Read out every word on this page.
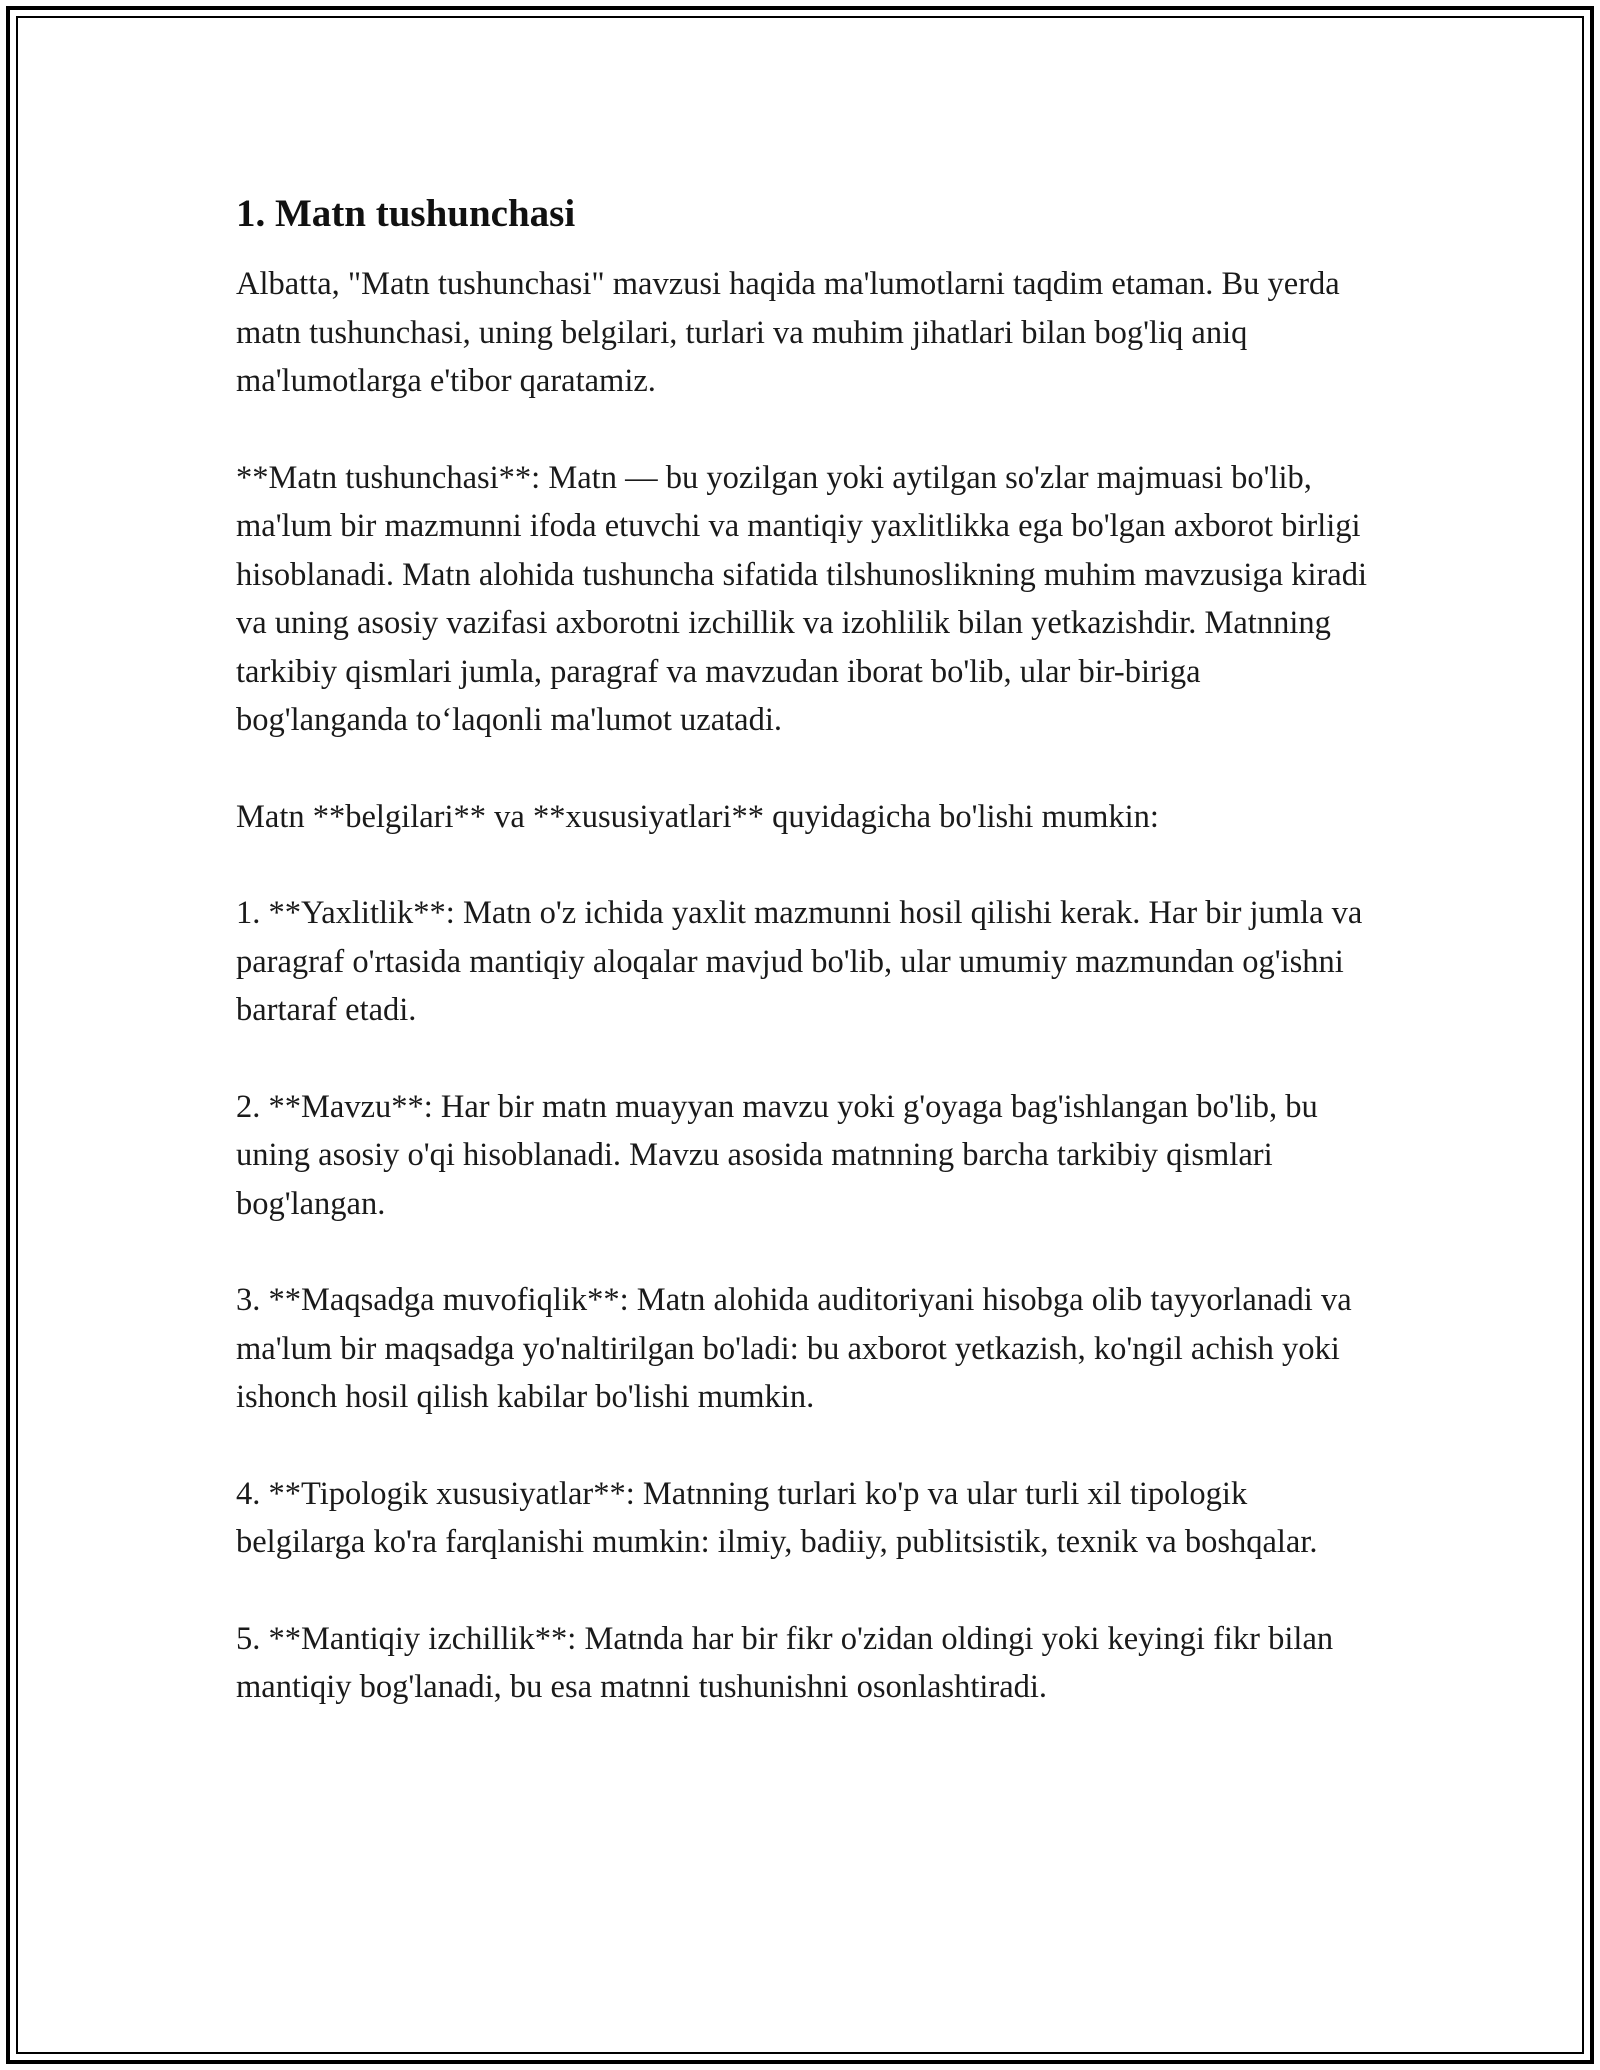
1. Matn tushunchasi

Albatta, "Matn tushunchasi" mavzusi haqida ma'lumotlarni taqdim etaman. Bu yerda matn tushunchasi, uning belgilari, turlari va muhim jihatlari bilan bog'liq aniq ma'lumotlarga e'tibor qaratamiz.

**Matn tushunchasi**: Matn — bu yozilgan yoki aytilgan so'zlar majmuasi bo'lib, ma'lum bir mazmunni ifoda etuvchi va mantiqiy yaxlitlikka ega bo'lgan axborot birligi hisoblanadi. Matn alohida tushuncha sifatida tilshunoslikning muhim mavzusiga kiradi va uning asosiy vazifasi axborotni izchillik va izohlilik bilan yetkazishdir. Matnning tarkibiy qismlari jumla, paragraf va mavzudan iborat bo'lib, ular bir-biriga bog'langanda to‘laqonli ma'lumot uzatadi.

Matn **belgilari** va **xususiyatlari** quyidagicha bo'lishi mumkin:

1. **Yaxlitlik**: Matn o'z ichida yaxlit mazmunni hosil qilishi kerak. Har bir jumla va paragraf o'rtasida mantiqiy aloqalar mavjud bo'lib, ular umumiy mazmundan og'ishni bartaraf etadi.

2. **Mavzu**: Har bir matn muayyan mavzu yoki g'oyaga bag'ishlangan bo'lib, bu uning asosiy o'qi hisoblanadi. Mavzu asosida matnning barcha tarkibiy qismlari bog'langan.

3. **Maqsadga muvofiqlik**: Matn alohida auditoriyani hisobga olib tayyorlanadi va ma'lum bir maqsadga yo'naltirilgan bo'ladi: bu axborot yetkazish, ko'ngil achish yoki ishonch hosil qilish kabilar bo'lishi mumkin.

4. **Tipologik xususiyatlar**: Matnning turlari ko'p va ular turli xil tipologik belgilarga ko'ra farqlanishi mumkin: ilmiy, badiiy, publitsistik, texnik va boshqalar.

5. **Mantiqiy izchillik**: Matnda har bir fikr o'zidan oldingi yoki keyingi fikr bilan mantiqiy bog'lanadi, bu esa matnni tushunishni osonlashtiradi.
